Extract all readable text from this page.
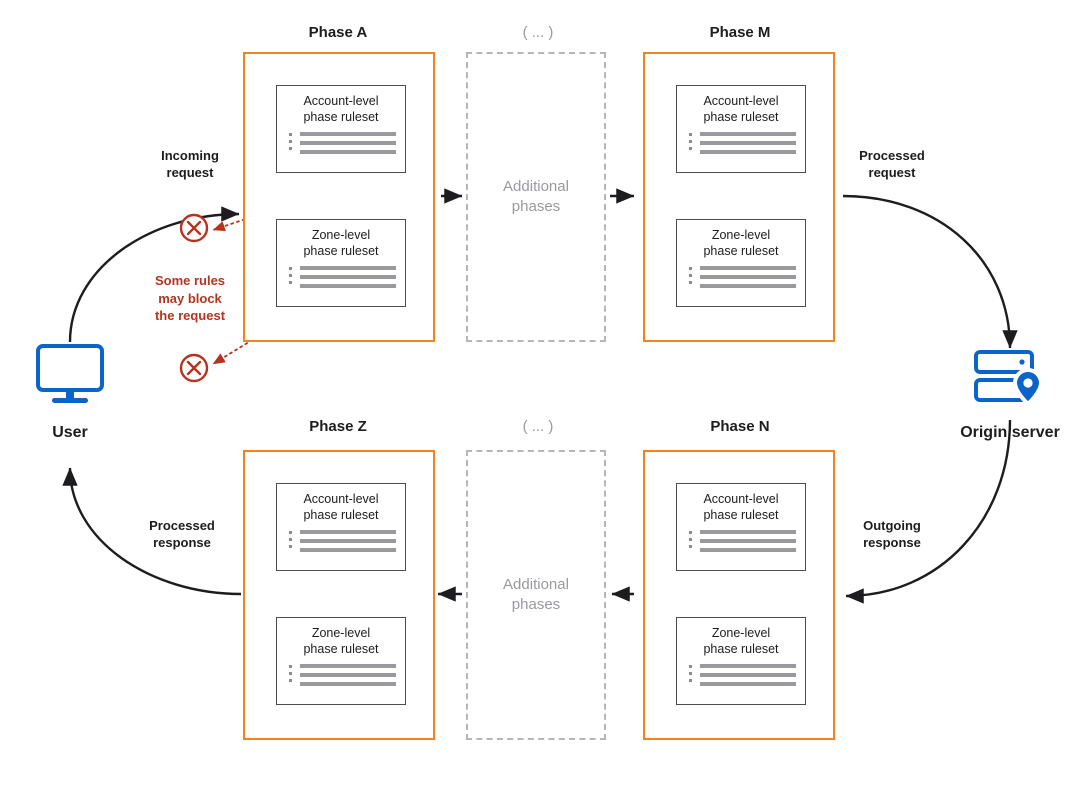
Phase A	( ... )	Phase M
Phase Z	( ... )	Phase N
Account-level
phase ruleset
Zone-level
phase ruleset
Additional
phases
Account-level
phase ruleset
Zone-level
phase ruleset
Account-level
phase ruleset
Zone-level
phase ruleset
Additional
phases
Account-level
phase ruleset
Zone-level
phase ruleset
User	Origin server
Incoming
request
Processed
request
Outgoing
response
Processed
response
Some rules
may block
the request
